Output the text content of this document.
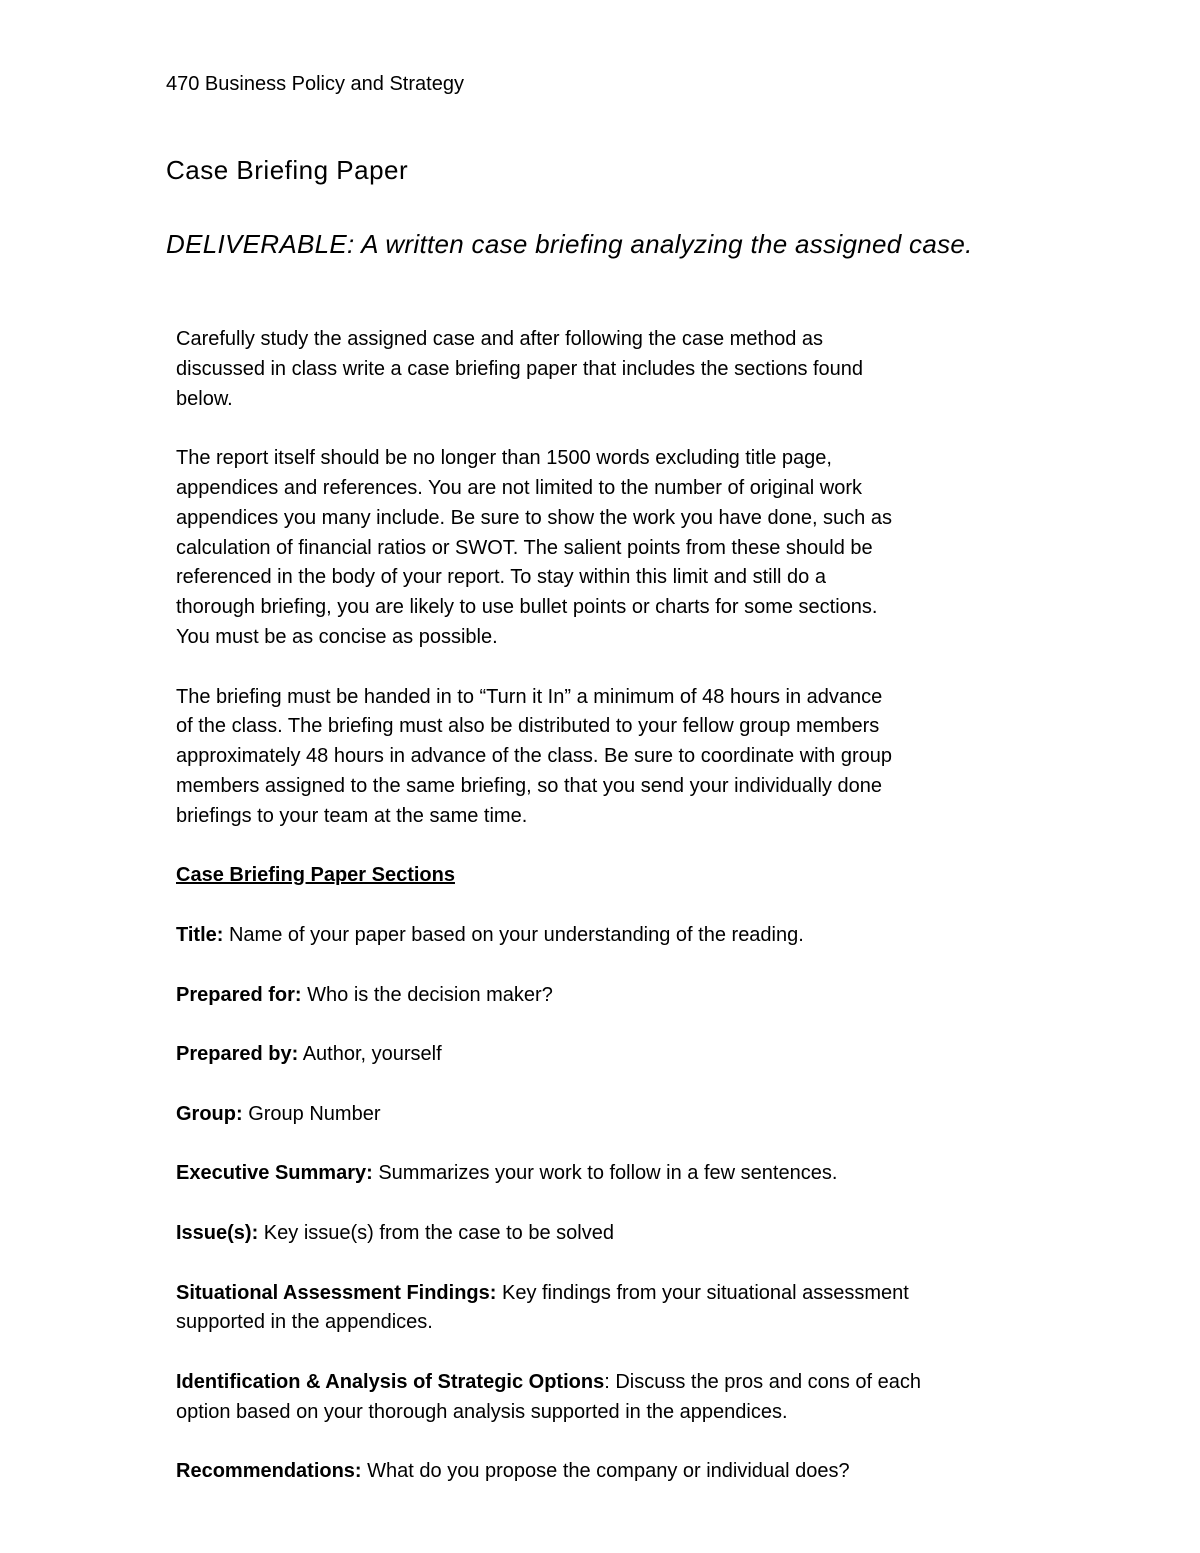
470 Business Policy and Strategy
Case Briefing Paper
DELIVERABLE: A written case briefing analyzing the assigned case.
Carefully study the assigned case and after following the case method as
discussed in class write a case briefing paper that includes the sections found
below.
The report itself should be no longer than 1500 words excluding title page,
appendices and references. You are not limited to the number of original work
appendices you many include. Be sure to show the work you have done, such as
calculation of financial ratios or SWOT. The salient points from these should be
referenced in the body of your report. To stay within this limit and still do a
thorough briefing, you are likely to use bullet points or charts for some sections.
You must be as concise as possible.
The briefing must be handed in to “Turn it In” a minimum of 48 hours in advance
of the class. The briefing must also be distributed to your fellow group members
approximately 48 hours in advance of the class. Be sure to coordinate with group
members assigned to the same briefing, so that you send your individually done
briefings to your team at the same time.
Case Briefing Paper Sections
Title: Name of your paper based on your understanding of the reading.
Prepared for: Who is the decision maker?
Prepared by: Author, yourself
Group: Group Number
Executive Summary: Summarizes your work to follow in a few sentences.
Issue(s): Key issue(s) from the case to be solved
Situational Assessment Findings: Key findings from your situational assessment
supported in the appendices.
Identification & Analysis of Strategic Options: Discuss the pros and cons of each
option based on your thorough analysis supported in the appendices.
Recommendations: What do you propose the company or individual does?
